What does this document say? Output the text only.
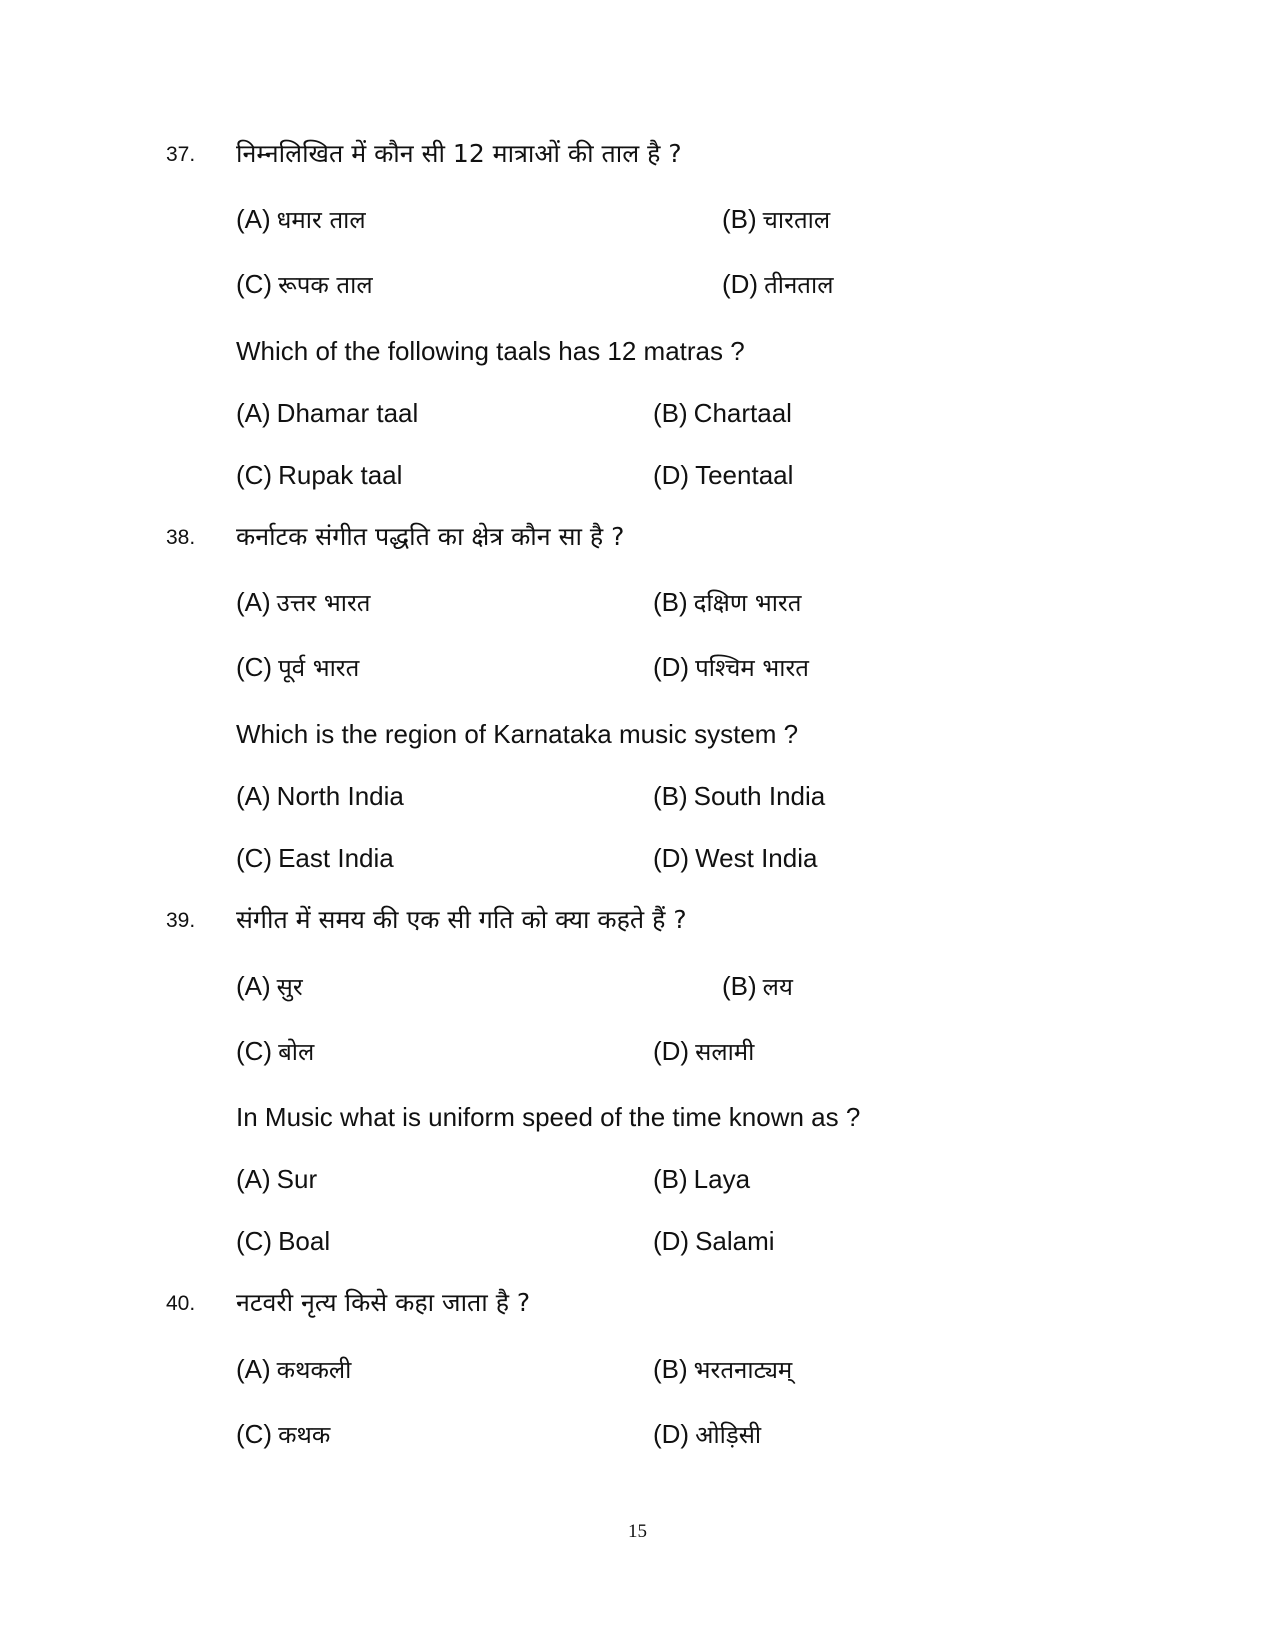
37. निम्नलिखित में कौन सी 12 मात्राओं की ताल है ?
(A) धमार ताल	(B) चारताल
(C) रूपक ताल	(D) तीनताल
Which of the following taals has 12 matras ?
(A) Dhamar taal	(B) Chartaal
(C) Rupak taal	(D) Teentaal
38. कर्नाटक संगीत पद्धति का क्षेत्र कौन सा है ?
(A) उत्तर भारत	(B) दक्षिण भारत
(C) पूर्व भारत	(D) पश्चिम भारत
Which is the region of Karnataka music system ?
(A) North India	(B) South India
(C) East India	(D) West India
39. संगीत में समय की एक सी गति को क्या कहते हैं ?
(A) सुर	(B) लय
(C) बोल	(D) सलामी
In Music what is uniform speed of the time known as ?
(A) Sur	(B) Laya
(C) Boal	(D) Salami
40. नटवरी नृत्य किसे कहा जाता है ?
(A) कथकली	(B) भरतनाट्यम्
(C) कथक	(D) ओड़िसी
15
